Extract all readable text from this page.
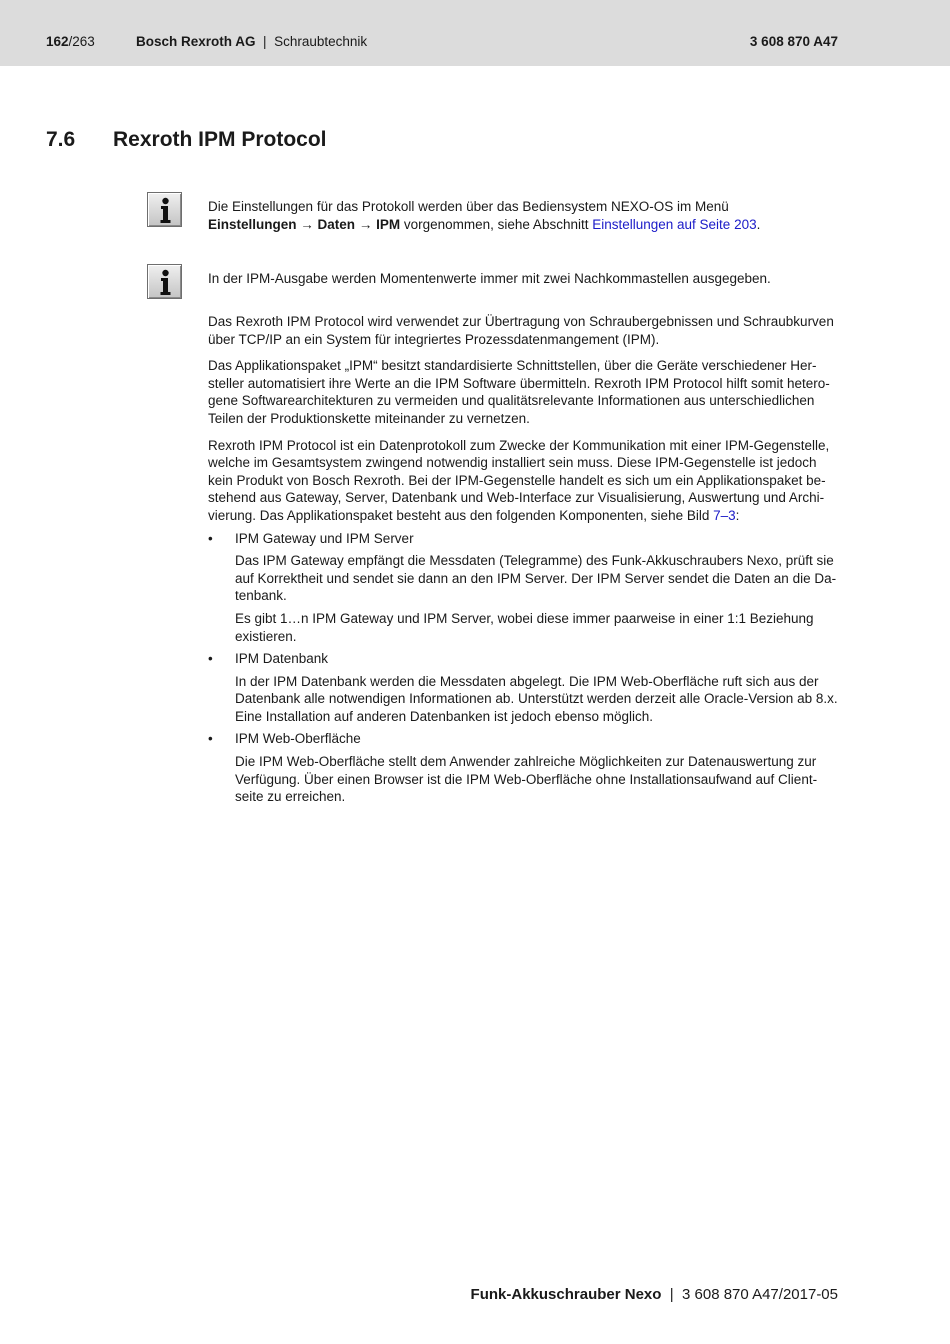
162/263	Bosch Rexroth AG | Schraubtechnik	3 608 870 A47
7.6 Rexroth IPM Protocol

Die Einstellungen für das Protokoll werden über das Bediensystem NEXO-OS im Menü

Einstellungen → Daten → IPM vorgenommen, siehe Abschnitt Einstellungen auf Seite 203.

In der IPM-Ausgabe werden Momentenwerte immer mit zwei Nachkommastellen ausgegeben.

Das Rexroth IPM Protocol wird verwendet zur Übertragung von Schraubergebnissen und Schraubkurven
über TCP/IP an ein System für integriertes Prozessdatenmangement (IPM).

Das Applikationspaket „IPM“ besitzt standardisierte Schnittstellen, über die Geräte verschiedener Her-
steller automatisiert ihre Werte an die IPM Software übermitteln. Rexroth IPM Protocol hilft somit hetero-
gene Softwarearchitekturen zu vermeiden und qualitätsrelevante Informationen aus unterschiedlichen
Teilen der Produktionskette miteinander zu vernetzen.

Rexroth IPM Protocol ist ein Datenprotokoll zum Zwecke der Kommunikation mit einer IPM-Gegenstelle,
welche im Gesamtsystem zwingend notwendig installiert sein muss. Diese IPM-Gegenstelle ist jedoch
kein Produkt von Bosch Rexroth. Bei der IPM-Gegenstelle handelt es sich um ein Applikationspaket be-
stehend aus Gateway, Server, Datenbank und Web-Interface zur Visualisierung, Auswertung und Archi-
vierung. Das Applikationspaket besteht aus den folgenden Komponenten, siehe Bild 7–3:

• IPM Gateway und IPM Server

Das IPM Gateway empfängt die Messdaten (Telegramme) des Funk-Akkuschraubers Nexo, prüft sie
auf Korrektheit und sendet sie dann an den IPM Server. Der IPM Server sendet die Daten an die Da-
tenbank.

Es gibt 1…n IPM Gateway und IPM Server, wobei diese immer paarweise in einer 1:1 Beziehung
existieren.

• IPM Datenbank

In der IPM Datenbank werden die Messdaten abgelegt. Die IPM Web-Oberfläche ruft sich aus der
Datenbank alle notwendigen Informationen ab. Unterstützt werden derzeit alle Oracle-Version ab 8.x.
Eine Installation auf anderen Datenbanken ist jedoch ebenso möglich.

• IPM Web-Oberfläche

Die IPM Web-Oberfläche stellt dem Anwender zahlreiche Möglichkeiten zur Datenauswertung zur
Verfügung. Über einen Browser ist die IPM Web-Oberfläche ohne Installationsaufwand auf Client-
seite zu erreichen.

Funk-Akkuschrauber Nexo | 3 608 870 A47/2017-05
